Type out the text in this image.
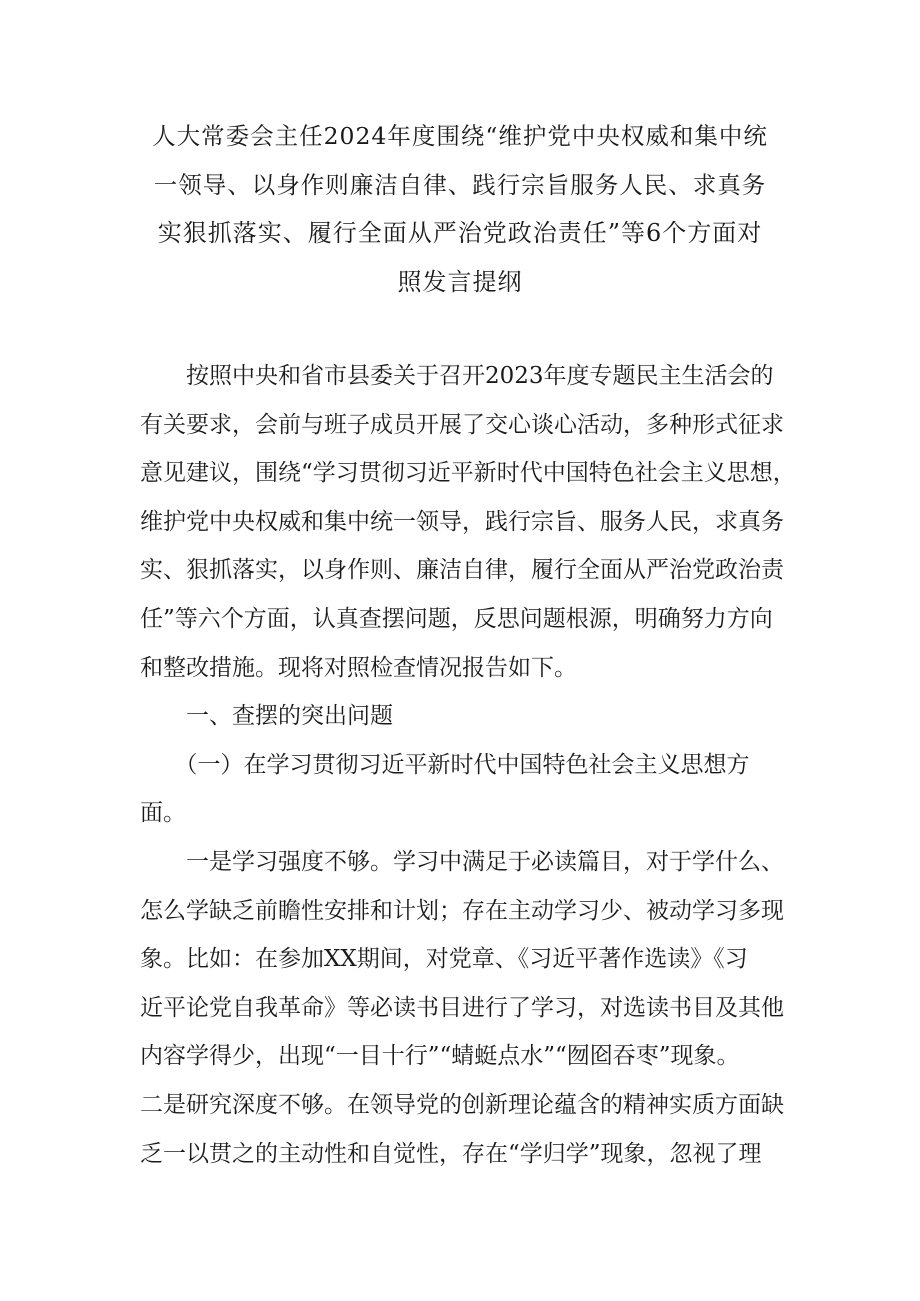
人大常委会主任2024年度围绕“维护党中央权威和集中统
一领导、以身作则廉洁自律、践行宗旨服务人民、求真务
实狠抓落实、履行全面从严治党政治责任”等6个方面对
照发言提纲
　　按照中央和省市县委关于召开2023年度专题民主生活会的
有关要求，会前与班子成员开展了交心谈心活动，多种形式征求
意见建议，围绕“学习贯彻习近平新时代中国特色社会主义思想，
维护党中央权威和集中统一领导，践行宗旨、服务人民，求真务
实、狠抓落实，以身作则、廉洁自律，履行全面从严治党政治责
任”等六个方面，认真查摆问题，反思问题根源，明确努力方向
和整改措施。现将对照检查情况报告如下。
　　一、查摆的突出问题
　　（一）在学习贯彻习近平新时代中国特色社会主义思想方
面。
　　一是学习强度不够。学习中满足于必读篇目，对于学什么、
怎么学缺乏前瞻性安排和计划；存在主动学习少、被动学习多现
象。比如：在参加XX期间，对党章、《习近平著作选读》《习
近平论党自我革命》等必读书目进行了学习，对选读书目及其他
内容学得少，出现“一目十行”“蜻蜓点水”“囫囵吞枣”现象。
二是研究深度不够。在领导党的创新理论蕴含的精神实质方面缺
乏一以贯之的主动性和自觉性，存在“学归学”现象，忽视了理
